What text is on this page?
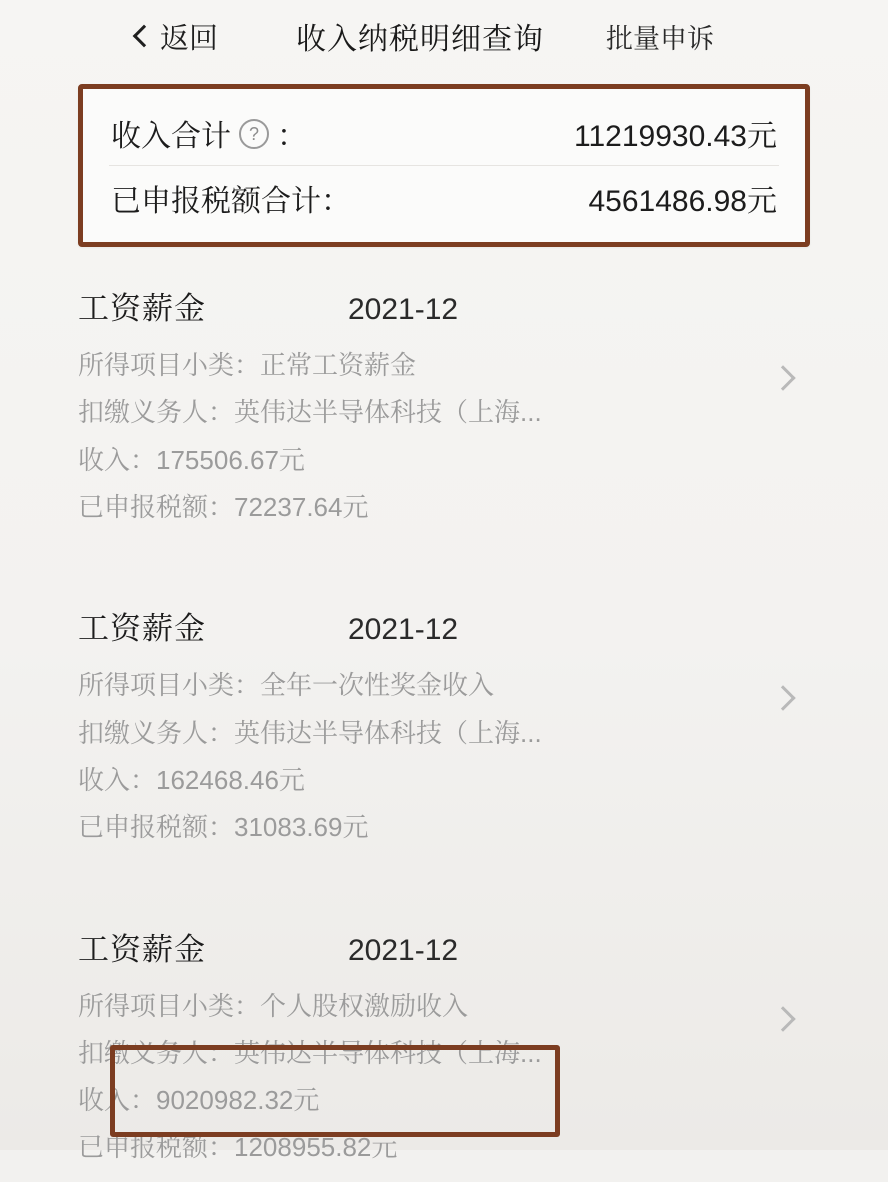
返回	收入纳税明细查询 批量申诉
收入合计 ? ：	11219930.43元
已申报税额合计：	4561486.98元
工资薪金	2021-12
所得项目小类：正常工资薪金
扣缴义务人：英伟达半导体科技（上海...
收入：175506.67元
已申报税额：72237.64元
工资薪金	2021-12
所得项目小类：全年一次性奖金收入
扣缴义务人：英伟达半导体科技（上海...
收入：162468.46元
已申报税额：31083.69元
工资薪金	2021-12
所得项目小类：个人股权激励收入
扣缴义务人：英伟达半导体科技（上海...
收入：9020982.32元
已申报税额：1208955.82元
